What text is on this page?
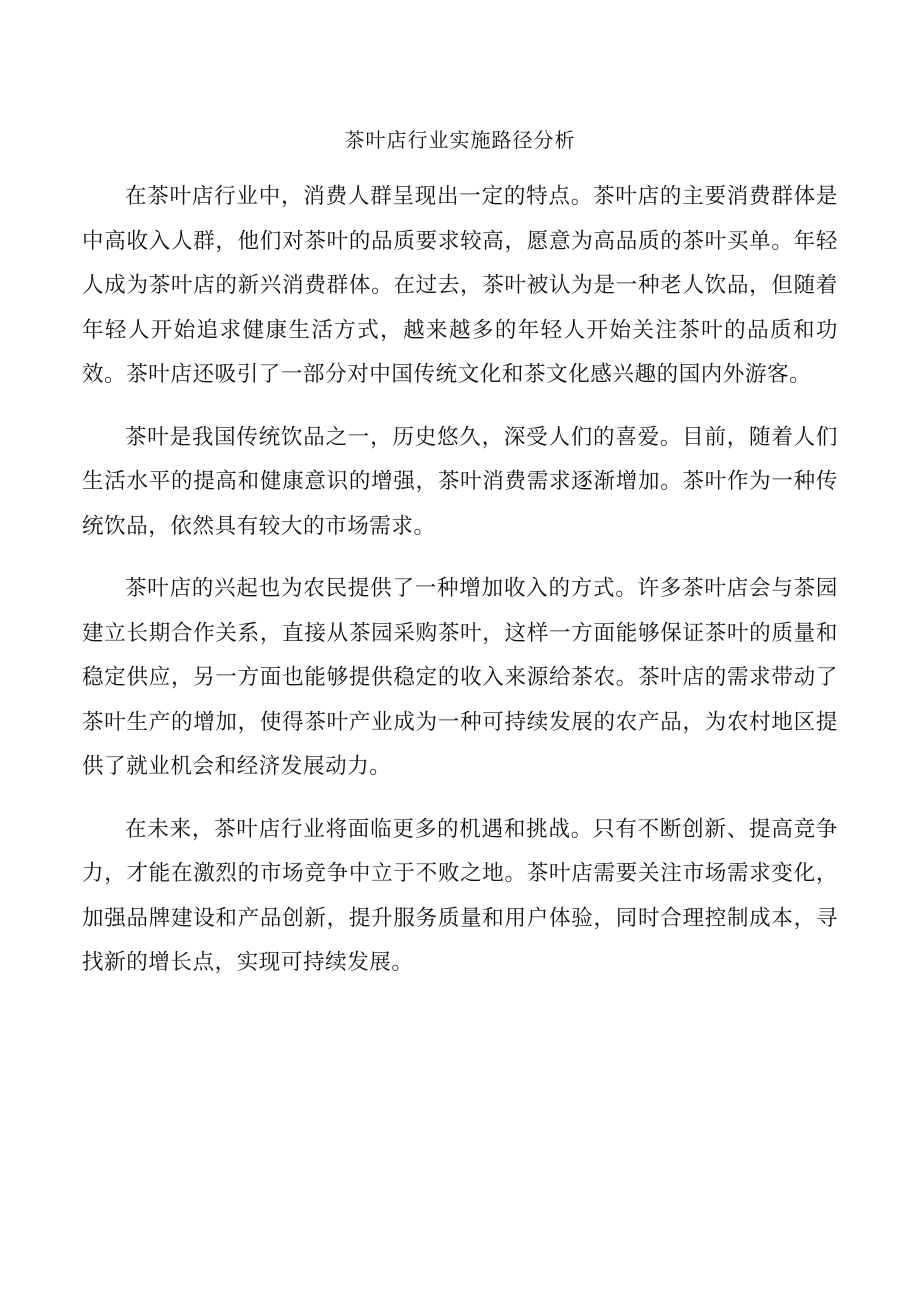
茶叶店行业实施路径分析

在茶叶店行业中，消费人群呈现出一定的特点。茶叶店的主要消费群体是中高收入人群，他们对茶叶的品质要求较高，愿意为高品质的茶叶买单。年轻人成为茶叶店的新兴消费群体。在过去，茶叶被认为是一种老人饮品，但随着年轻人开始追求健康生活方式，越来越多的年轻人开始关注茶叶的品质和功效。茶叶店还吸引了一部分对中国传统文化和茶文化感兴趣的国内外游客。

茶叶是我国传统饮品之一，历史悠久，深受人们的喜爱。目前，随着人们生活水平的提高和健康意识的增强，茶叶消费需求逐渐增加。茶叶作为一种传统饮品，依然具有较大的市场需求。

茶叶店的兴起也为农民提供了一种增加收入的方式。许多茶叶店会与茶园建立长期合作关系，直接从茶园采购茶叶，这样一方面能够保证茶叶的质量和稳定供应，另一方面也能够提供稳定的收入来源给茶农。茶叶店的需求带动了茶叶生产的增加，使得茶叶产业成为一种可持续发展的农产品，为农村地区提供了就业机会和经济发展动力。

在未来，茶叶店行业将面临更多的机遇和挑战。只有不断创新、提高竞争力，才能在激烈的市场竞争中立于不败之地。茶叶店需要关注市场需求变化，加强品牌建设和产品创新，提升服务质量和用户体验，同时合理控制成本，寻找新的增长点，实现可持续发展。
